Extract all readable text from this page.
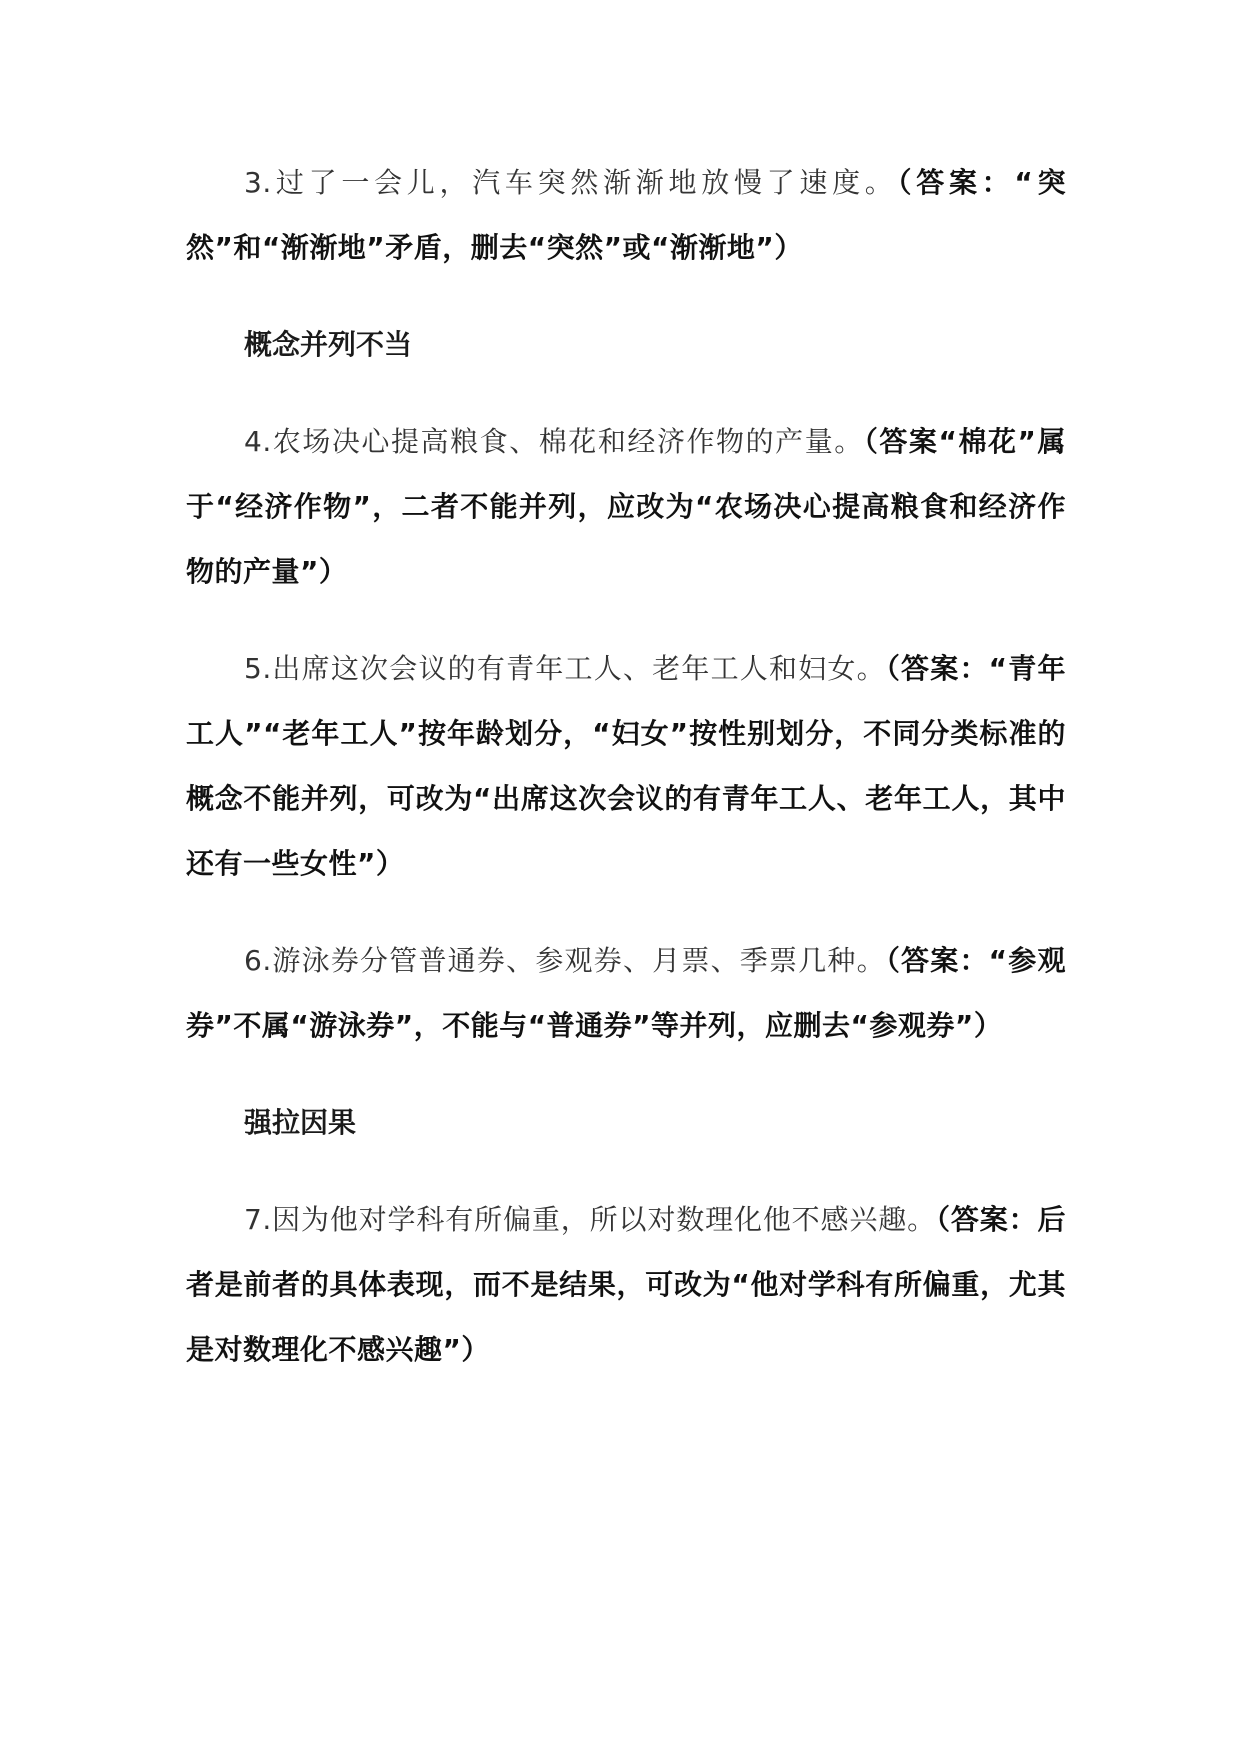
3.过了一会儿，汽车突然渐渐地放慢了速度。（答案：“突然”和“渐渐地”矛盾，删去“突然”或“渐渐地”）

概念并列不当

4.农场决心提高粮食、棉花和经济作物的产量。（答案“棉花”属于“经济作物”，二者不能并列，应改为“农场决心提高粮食和经济作物的产量”）

5.出席这次会议的有青年工人、老年工人和妇女。（答案：“青年工人”“老年工人”按年龄划分，“妇女”按性别划分，不同分类标准的概念不能并列，可改为“出席这次会议的有青年工人、老年工人，其中还有一些女性”）

6.游泳券分管普通券、参观券、月票、季票几种。（答案：“参观券”不属“游泳券”，不能与“普通券”等并列，应删去“参观券”）

强拉因果

7.因为他对学科有所偏重，所以对数理化他不感兴趣。（答案：后者是前者的具体表现，而不是结果，可改为“他对学科有所偏重，尤其是对数理化不感兴趣”）
